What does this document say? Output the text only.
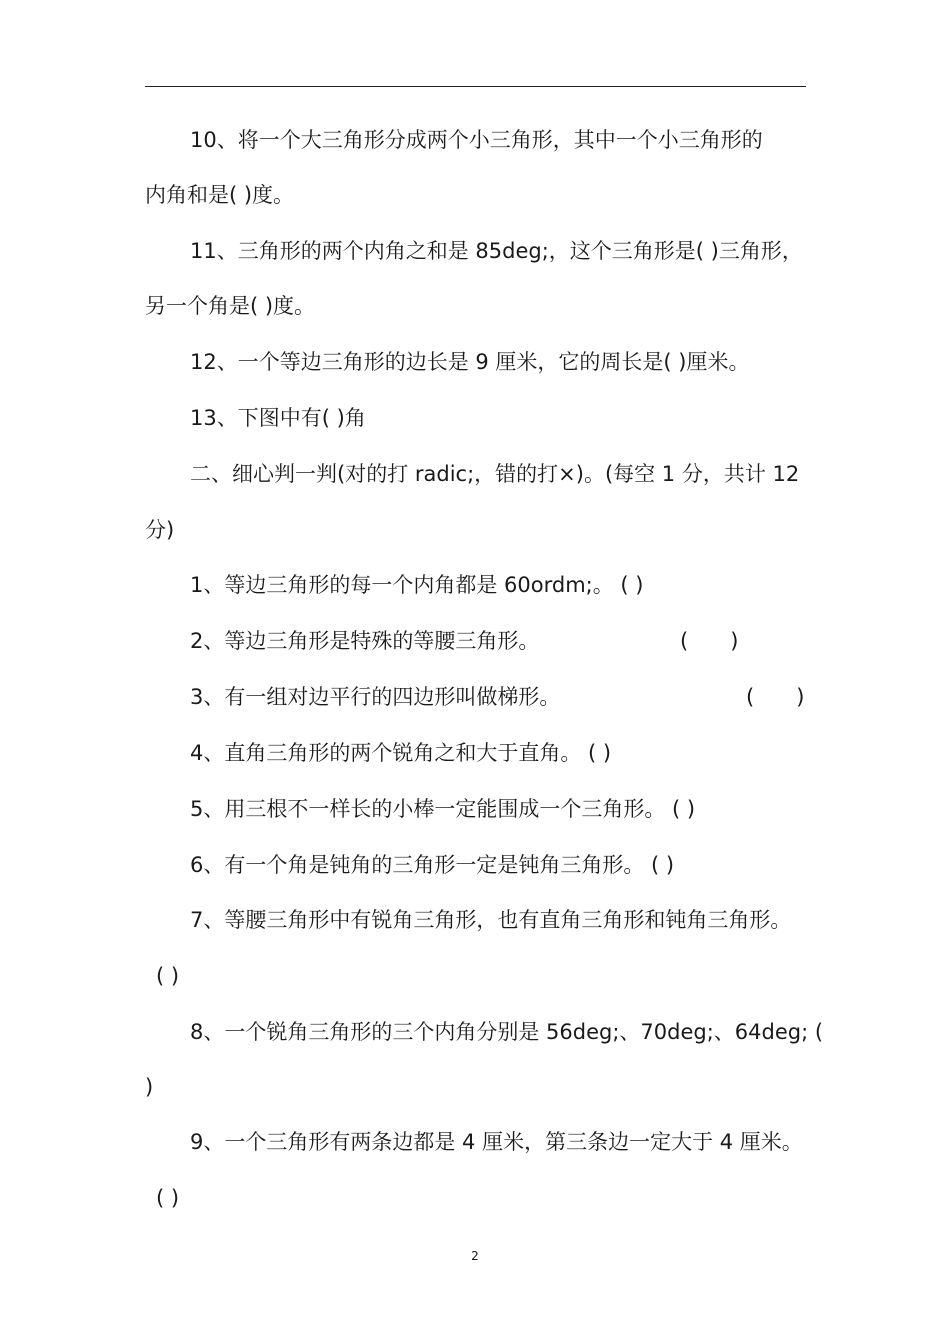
10、将一个大三角形分成两个小三角形，其中一个小三角形的

内角和是( )度。

11、三角形的两个内角之和是 85deg;，这个三角形是( )三角形，

另一个角是( )度。

12、一个等边三角形的边长是 9 厘米，它的周长是( )厘米。

13、下图中有( )角

二、细心判一判(对的打 radic;，错的打×)。(每空 1 分，共计 12

分)

1、等边三角形的每一个内角都是 60ordm;。 ( )

2、等边三角形是特殊的等腰三角形。	(　　)

3、有一组对边平行的四边形叫做梯形。	(　　)

4、直角三角形的两个锐角之和大于直角。 ( )

5、用三根不一样长的小棒一定能围成一个三角形。 ( )

6、有一个角是钝角的三角形一定是钝角三角形。 ( )

7、等腰三角形中有锐角三角形，也有直角三角形和钝角三角形。

( )

8、一个锐角三角形的三个内角分别是 56deg;、70deg;、64deg; (

)

9、一个三角形有两条边都是 4 厘米，第三条边一定大于 4 厘米。

( )

2
